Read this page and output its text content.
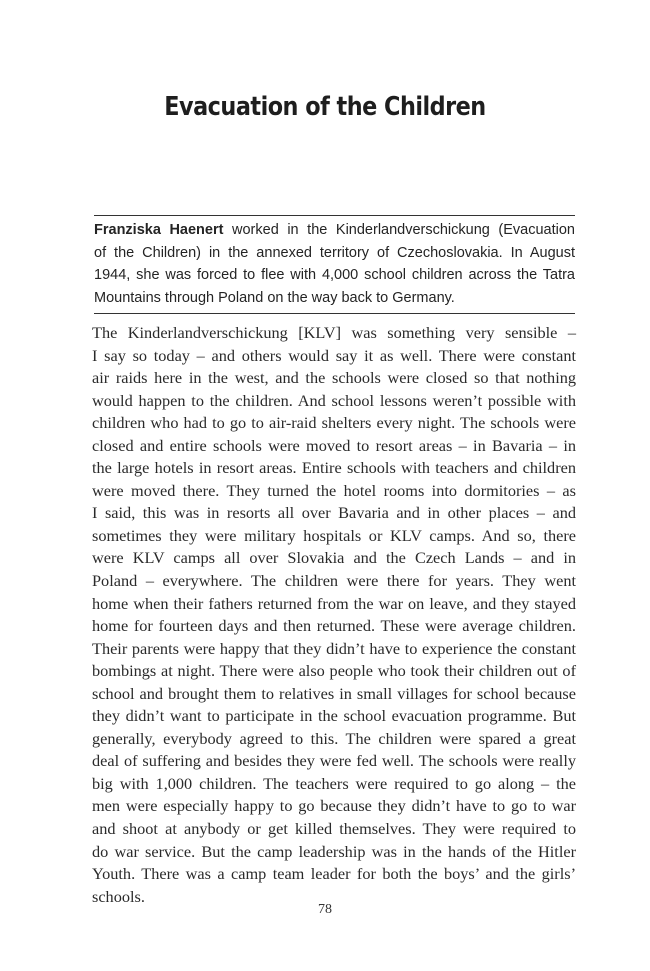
Evacuation of the Children
Franziska Haenert worked in the Kinderlandverschickung (Evacuation
of the Children) in the annexed territory of Czechoslovakia. In August
1944, she was forced to flee with 4,000 school children across the Tatra
Mountains through Poland on the way back to Germany.
The Kinderlandverschickung [KLV] was something very sensible –
I say so today – and others would say it as well. There were constant
air raids here in the west, and the schools were closed so that nothing
would happen to the children. And school lessons weren’t possible with
children who had to go to air-raid shelters every night. The schools were
closed and entire schools were moved to resort areas – in Bavaria – in
the large hotels in resort areas. Entire schools with teachers and children
were moved there. They turned the hotel rooms into dormitories – as
I said, this was in resorts all over Bavaria and in other places – and
sometimes they were military hospitals or KLV camps. And so, there
were KLV camps all over Slovakia and the Czech Lands – and in
Poland – everywhere. The children were there for years. They went
home when their fathers returned from the war on leave, and they stayed
home for fourteen days and then returned. These were average children.
Their parents were happy that they didn’t have to experience the constant
bombings at night. There were also people who took their children out of
school and brought them to relatives in small villages for school because
they didn’t want to participate in the school evacuation programme. But
generally, everybody agreed to this. The children were spared a great
deal of suffering and besides they were fed well. The schools were really
big with 1,000 children. The teachers were required to go along – the
men were especially happy to go because they didn’t have to go to war
and shoot at anybody or get killed themselves. They were required to
do war service. But the camp leadership was in the hands of the Hitler
Youth. There was a camp team leader for both the boys’ and the girls’
schools.
78
